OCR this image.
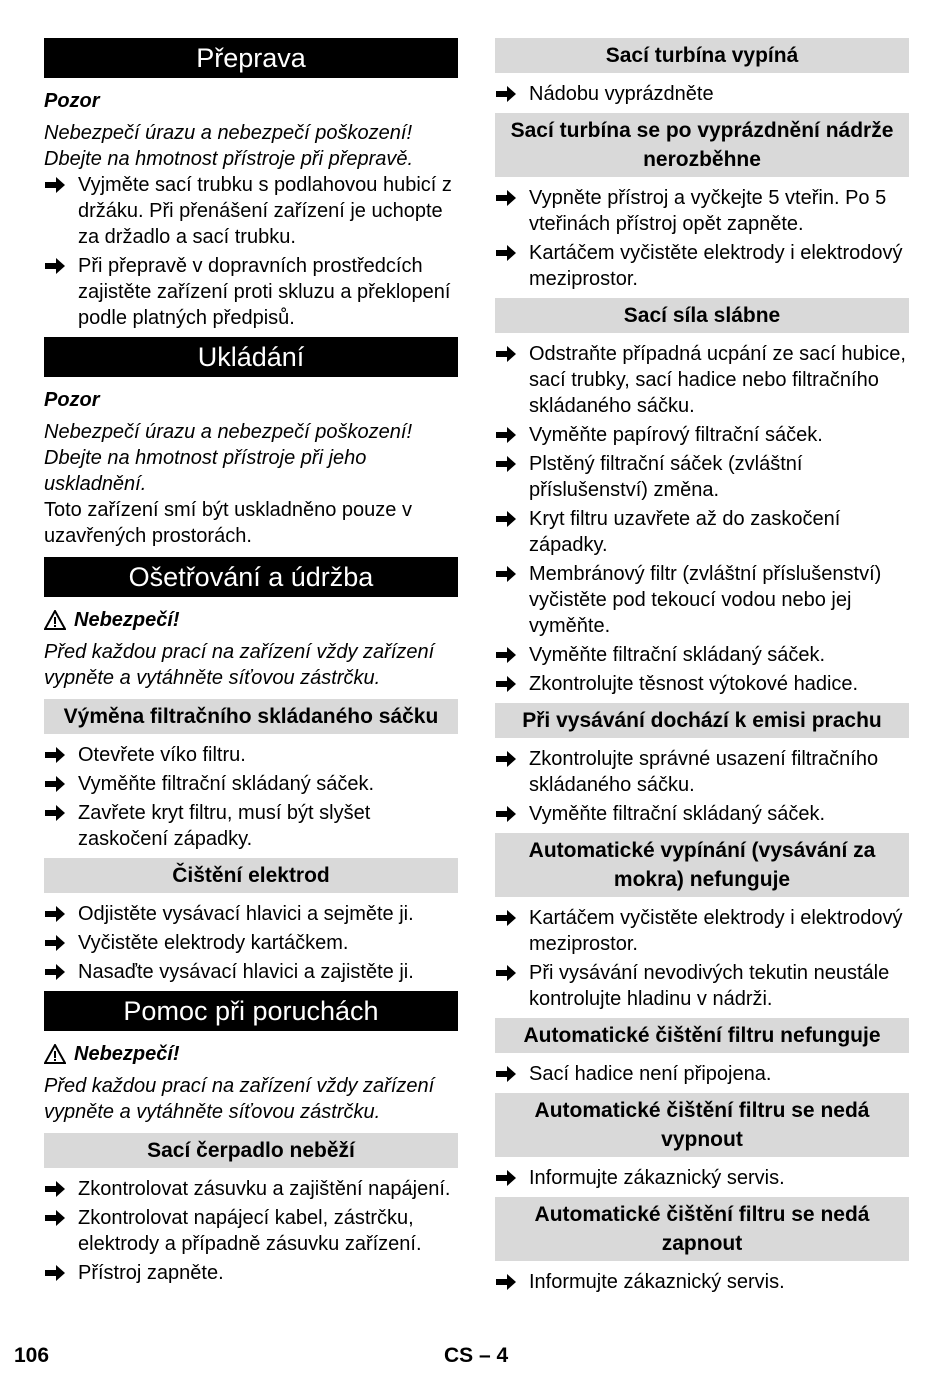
Přeprava

Pozor

Nebezpečí úrazu a nebezpečí poškození! Dbejte na hmotnost přístroje při přepravě.

Vyjměte sací trubku s podlahovou hubicí z držáku. Při přenášení zařízení je uchopte za držadlo a sací trubku.
Při přepravě v dopravních prostředcích zajistěte zařízení proti skluzu a překlopení podle platných předpisů.
Ukládání

Pozor

Nebezpečí úrazu a nebezpečí poškození! Dbejte na hmotnost přístroje při jeho uskladnění.

Toto zařízení smí být uskladněno pouze v uzavřených prostorách.

Ošetřování a údržba

Nebezpečí!

Před každou prací na zařízení vždy zařízení vypněte a vytáhněte síťovou zástrčku.

Výměna filtračního skládaného sáčku
Otevřete víko filtru.
Vyměňte filtrační skládaný sáček.
Zavřete kryt filtru, musí být slyšet zaskočení západky.
Čištění elektrod
Odjistěte vysávací hlavici a sejměte ji.
Vyčistěte elektrody kartáčkem.
Nasaďte vysávací hlavici a zajistěte ji.
Pomoc při poruchách

Nebezpečí!

Před každou prací na zařízení vždy zařízení vypněte a vytáhněte síťovou zástrčku.

Sací čerpadlo neběží
Zkontrolovat zásuvku a zajištění napájení.
Zkontrolovat napájecí kabel, zástrčku, elektrody a případně zásuvku zařízení.
Přístroj zapněte.
Sací turbína vypíná
Nádobu vyprázdněte
Sací turbína se po vyprázdnění nádrže nerozběhne
Vypněte přístroj a vyčkejte 5 vteřin. Po 5 vteřinách přístroj opět zapněte.
Kartáčem vyčistěte elektrody i elektrodový meziprostor.
Sací síla slábne
Odstraňte případná ucpání ze sací hubice, sací trubky, sací hadice nebo filtračního skládaného sáčku.
Vyměňte papírový filtrační sáček.
Plstěný filtrační sáček (zvláštní příslušenství) změna.
Kryt filtru uzavřete až do zaskočení západky.
Membránový filtr (zvláštní příslušenství) vyčistěte pod tekoucí vodou nebo jej vyměňte.
Vyměňte filtrační skládaný sáček.
Zkontrolujte těsnost výtokové hadice.
Při vysávání dochází k emisi prachu
Zkontrolujte správné usazení filtračního skládaného sáčku.
Vyměňte filtrační skládaný sáček.
Automatické vypínání (vysávání za mokra) nefunguje
Kartáčem vyčistěte elektrody i elektrodový meziprostor.
Při vysávání nevodivých tekutin neustále kontrolujte hladinu v nádrži.
Automatické čištění filtru nefunguje
Sací hadice není připojena.
Automatické čištění filtru se nedá vypnout
Informujte zákaznický servis.
Automatické čištění filtru se nedá zapnout
Informujte zákaznický servis.
106	CS – 4
